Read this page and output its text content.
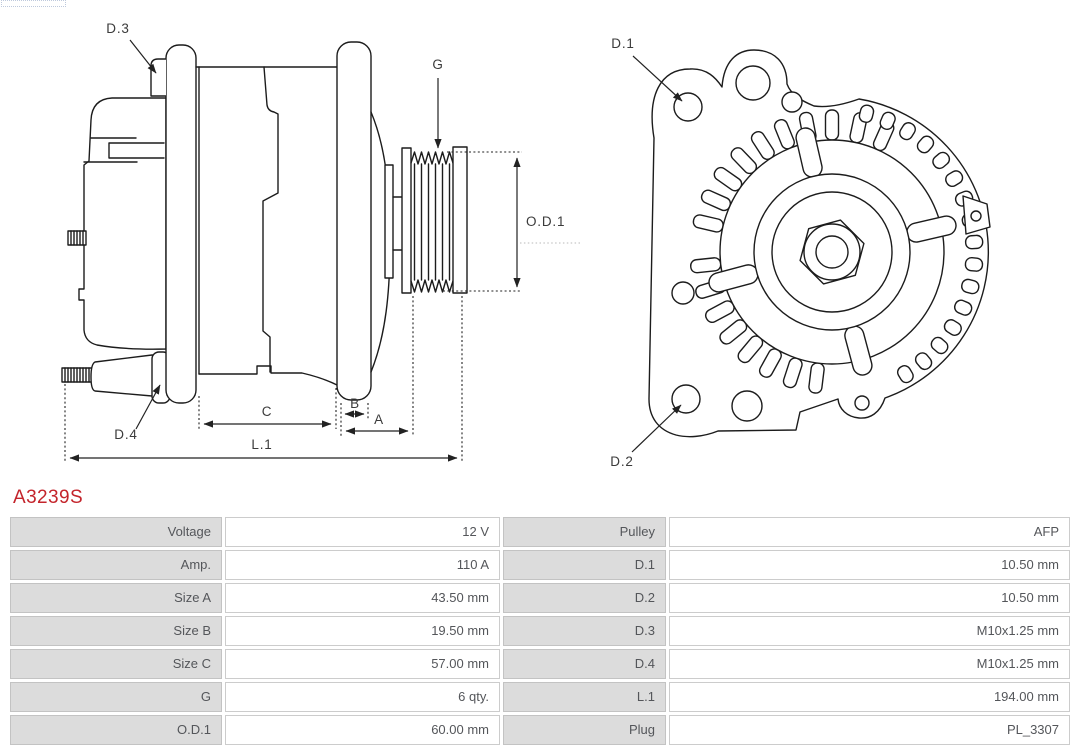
D.3
G
O.D.1
D.4
C
B
A
L.1
D.1
D.2
A3239S
Voltage	12 V	Pulley	AFP
Amp.	110 A	D.1	10.50 mm
Size A	43.50 mm	D.2	10.50 mm
Size B	19.50 mm	D.3	M10x1.25 mm
Size C	57.00 mm	D.4	M10x1.25 mm
G	6 qty.	L.1	194.00 mm
O.D.1	60.00 mm	Plug	PL_3307
